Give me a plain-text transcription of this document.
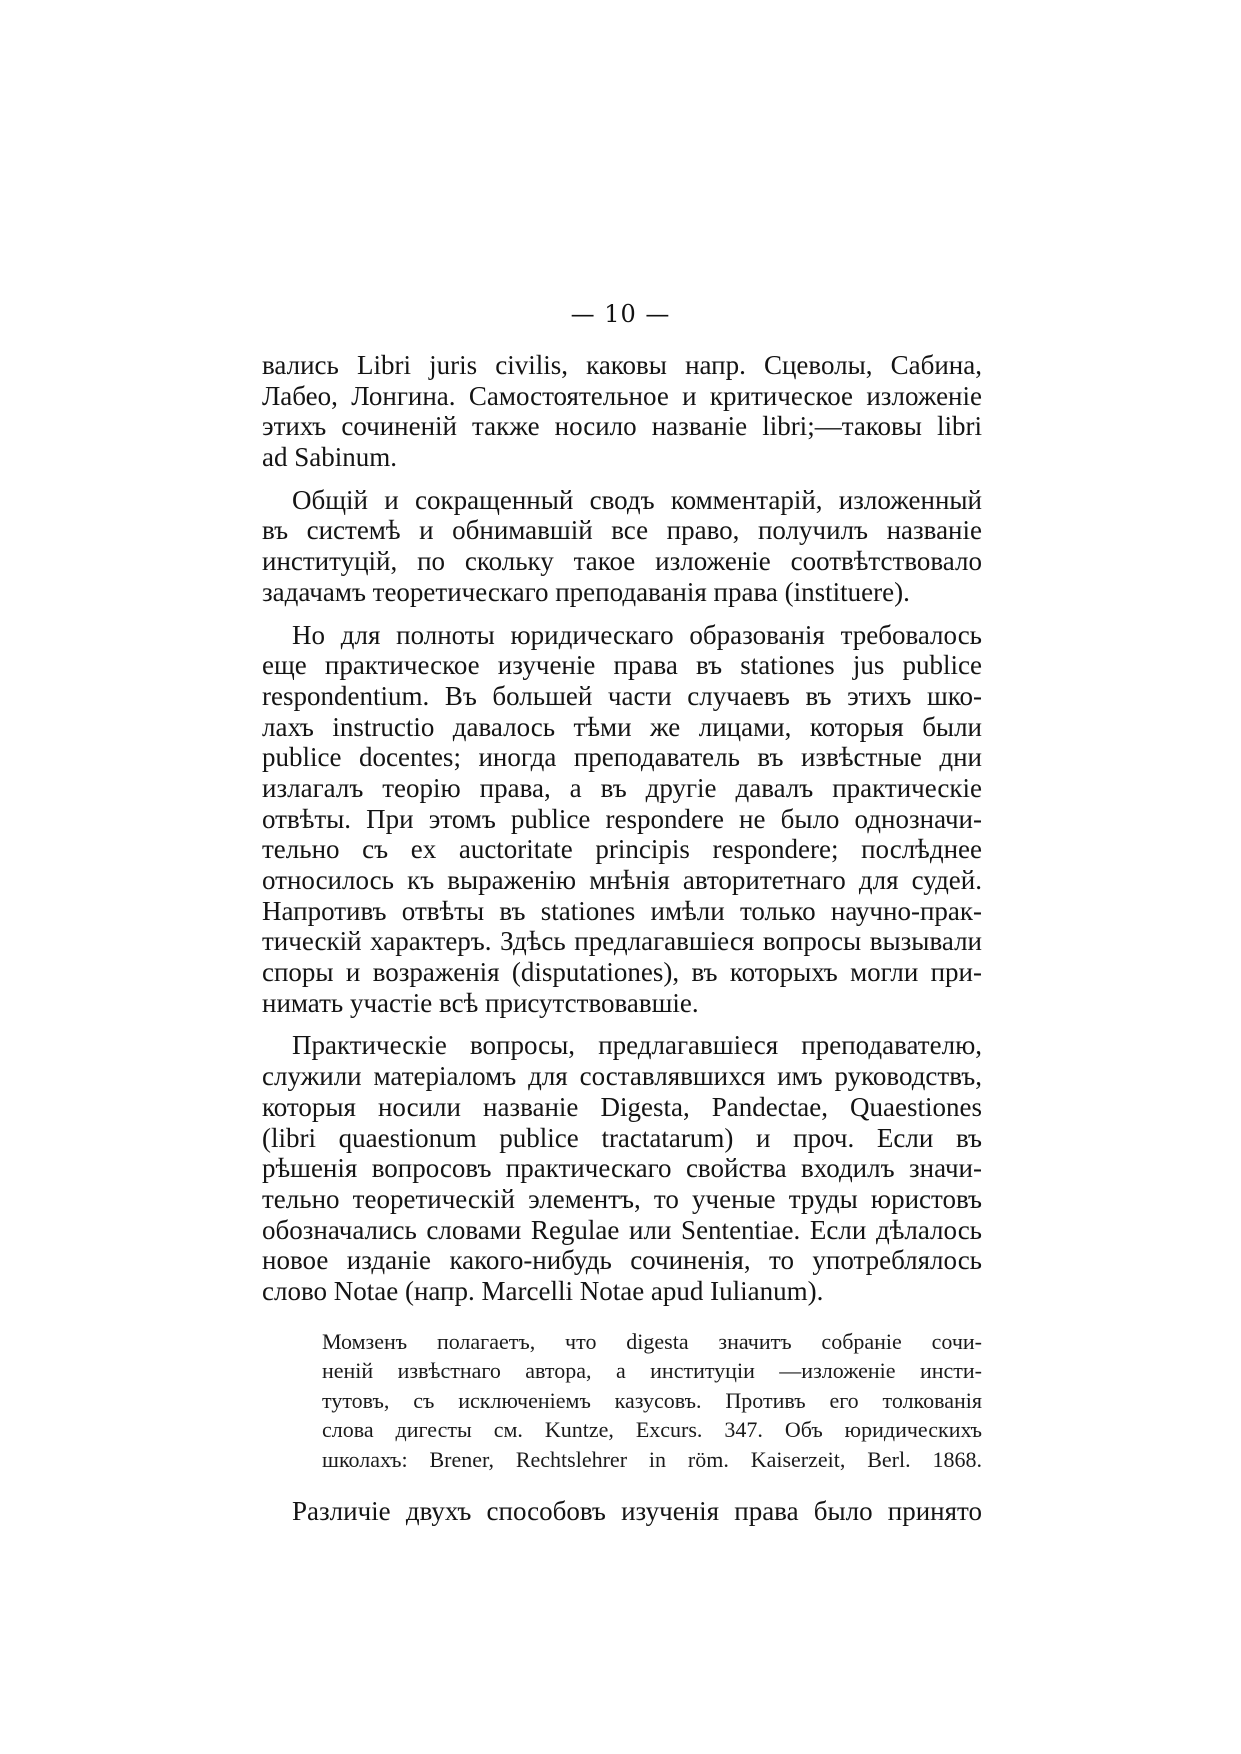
— 10 —
вались Libri juris civilis, каковы напр. Сцеволы, Сабина,
Лабео, Лонгина. Самостоятельное и критическое изложеніе
этихъ сочиненій также носило названіе libri;—таковы libri
ad Sabinum.
Общій и сокращенный сводъ комментарій, изложенный
въ системѣ и обнимавшій все право, получилъ названіе
институцій, по скольку такое изложеніе соотвѣтствовало
задачамъ теоретическаго преподаванія права (instituere).
Но для полноты юридическаго образованія требовалось
еще практическое изученіе права въ stationes jus publice
respondentium. Въ большей части случаевъ въ этихъ шко-
лахъ instructio давалось тѣми же лицами, которыя были
publice docentes; иногда преподаватель въ извѣстные дни
излагалъ теорію права, а въ другіе давалъ практическіе
отвѣты. При этомъ publice respondere не было однозначи-
тельно съ ex auctoritate principis respondere; послѣднее
относилось къ выраженію мнѣнія авторитетнаго для судей.
Напротивъ отвѣты въ stationes имѣли только научно-прак-
тическій характеръ. Здѣсь предлагавшіеся вопросы вызывали
споры и возраженія (disputationes), въ которыхъ могли при-
нимать участіе всѣ присутствовавшіе.
Практическіе вопросы, предлагавшіеся преподавателю,
служили матеріаломъ для составлявшихся имъ руководствъ,
которыя носили названіе Digesta, Pandectae, Quaestiones
(libri quaestionum publice tractatarum) и проч. Если въ
рѣшенія вопросовъ практическаго свойства входилъ значи-
тельно теоретическій элементъ, то ученые труды юристовъ
обозначались словами Regulae или Sententiae. Если дѣлалось
новое изданіе какого-нибудь сочиненія, то употреблялось
слово Notae (напр. Marcelli Notae apud Iulianum).
Момзенъ полагаетъ, что digesta значитъ собраніе сочи-
неній извѣстнаго автора, а институціи —изложеніе инсти-
тутовъ, съ исключеніемъ казусовъ. Противъ его толкованія
слова дигесты см. Kuntze, Excurs. 347. Объ юридическихъ
школахъ: Brener, Rechtslehrer in röm. Kaiserzeit, Berl. 1868.
Различіе двухъ способовъ изученія права было принято
